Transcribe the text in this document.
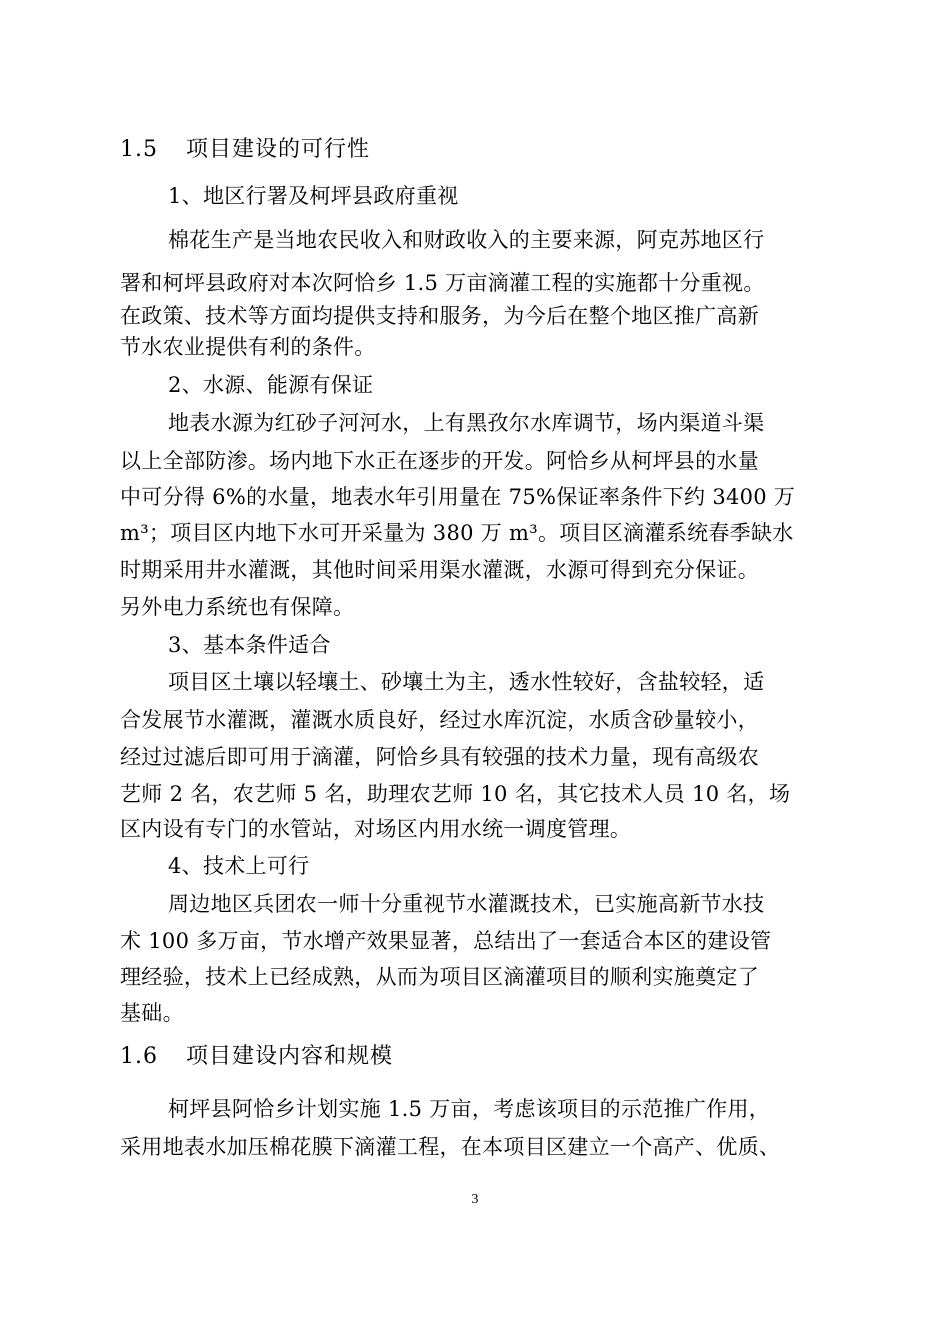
1.5 项目建设的可行性
1、地区行署及柯坪县政府重视
棉花生产是当地农民收入和财政收入的主要来源，阿克苏地区行
署和柯坪县政府对本次阿恰乡 1.5 万亩滴灌工程的实施都十分重视。
在政策、技术等方面均提供支持和服务，为今后在整个地区推广高新
节水农业提供有利的条件。
2、水源、能源有保证
地表水源为红砂子河河水，上有黑孜尔水库调节，场内渠道斗渠
以上全部防渗。场内地下水正在逐步的开发。阿恰乡从柯坪县的水量
中可分得 6%的水量，地表水年引用量在 75%保证率条件下约 3400 万
m³；项目区内地下水可开采量为 380 万 m³。项目区滴灌系统春季缺水
时期采用井水灌溉，其他时间采用渠水灌溉，水源可得到充分保证。
另外电力系统也有保障。
3、基本条件适合
项目区土壤以轻壤土、砂壤土为主，透水性较好，含盐较轻，适
合发展节水灌溉，灌溉水质良好，经过水库沉淀，水质含砂量较小，
经过过滤后即可用于滴灌，阿恰乡具有较强的技术力量，现有高级农
艺师 2 名，农艺师 5 名，助理农艺师 10 名，其它技术人员 10 名，场
区内设有专门的水管站，对场区内用水统一调度管理。
4、技术上可行
周边地区兵团农一师十分重视节水灌溉技术，已实施高新节水技
术 100 多万亩，节水增产效果显著，总结出了一套适合本区的建设管
理经验，技术上已经成熟，从而为项目区滴灌项目的顺利实施奠定了
基础。
1.6 项目建设内容和规模
柯坪县阿恰乡计划实施 1.5 万亩，考虑该项目的示范推广作用，
采用地表水加压棉花膜下滴灌工程，在本项目区建立一个高产、优质、
3
